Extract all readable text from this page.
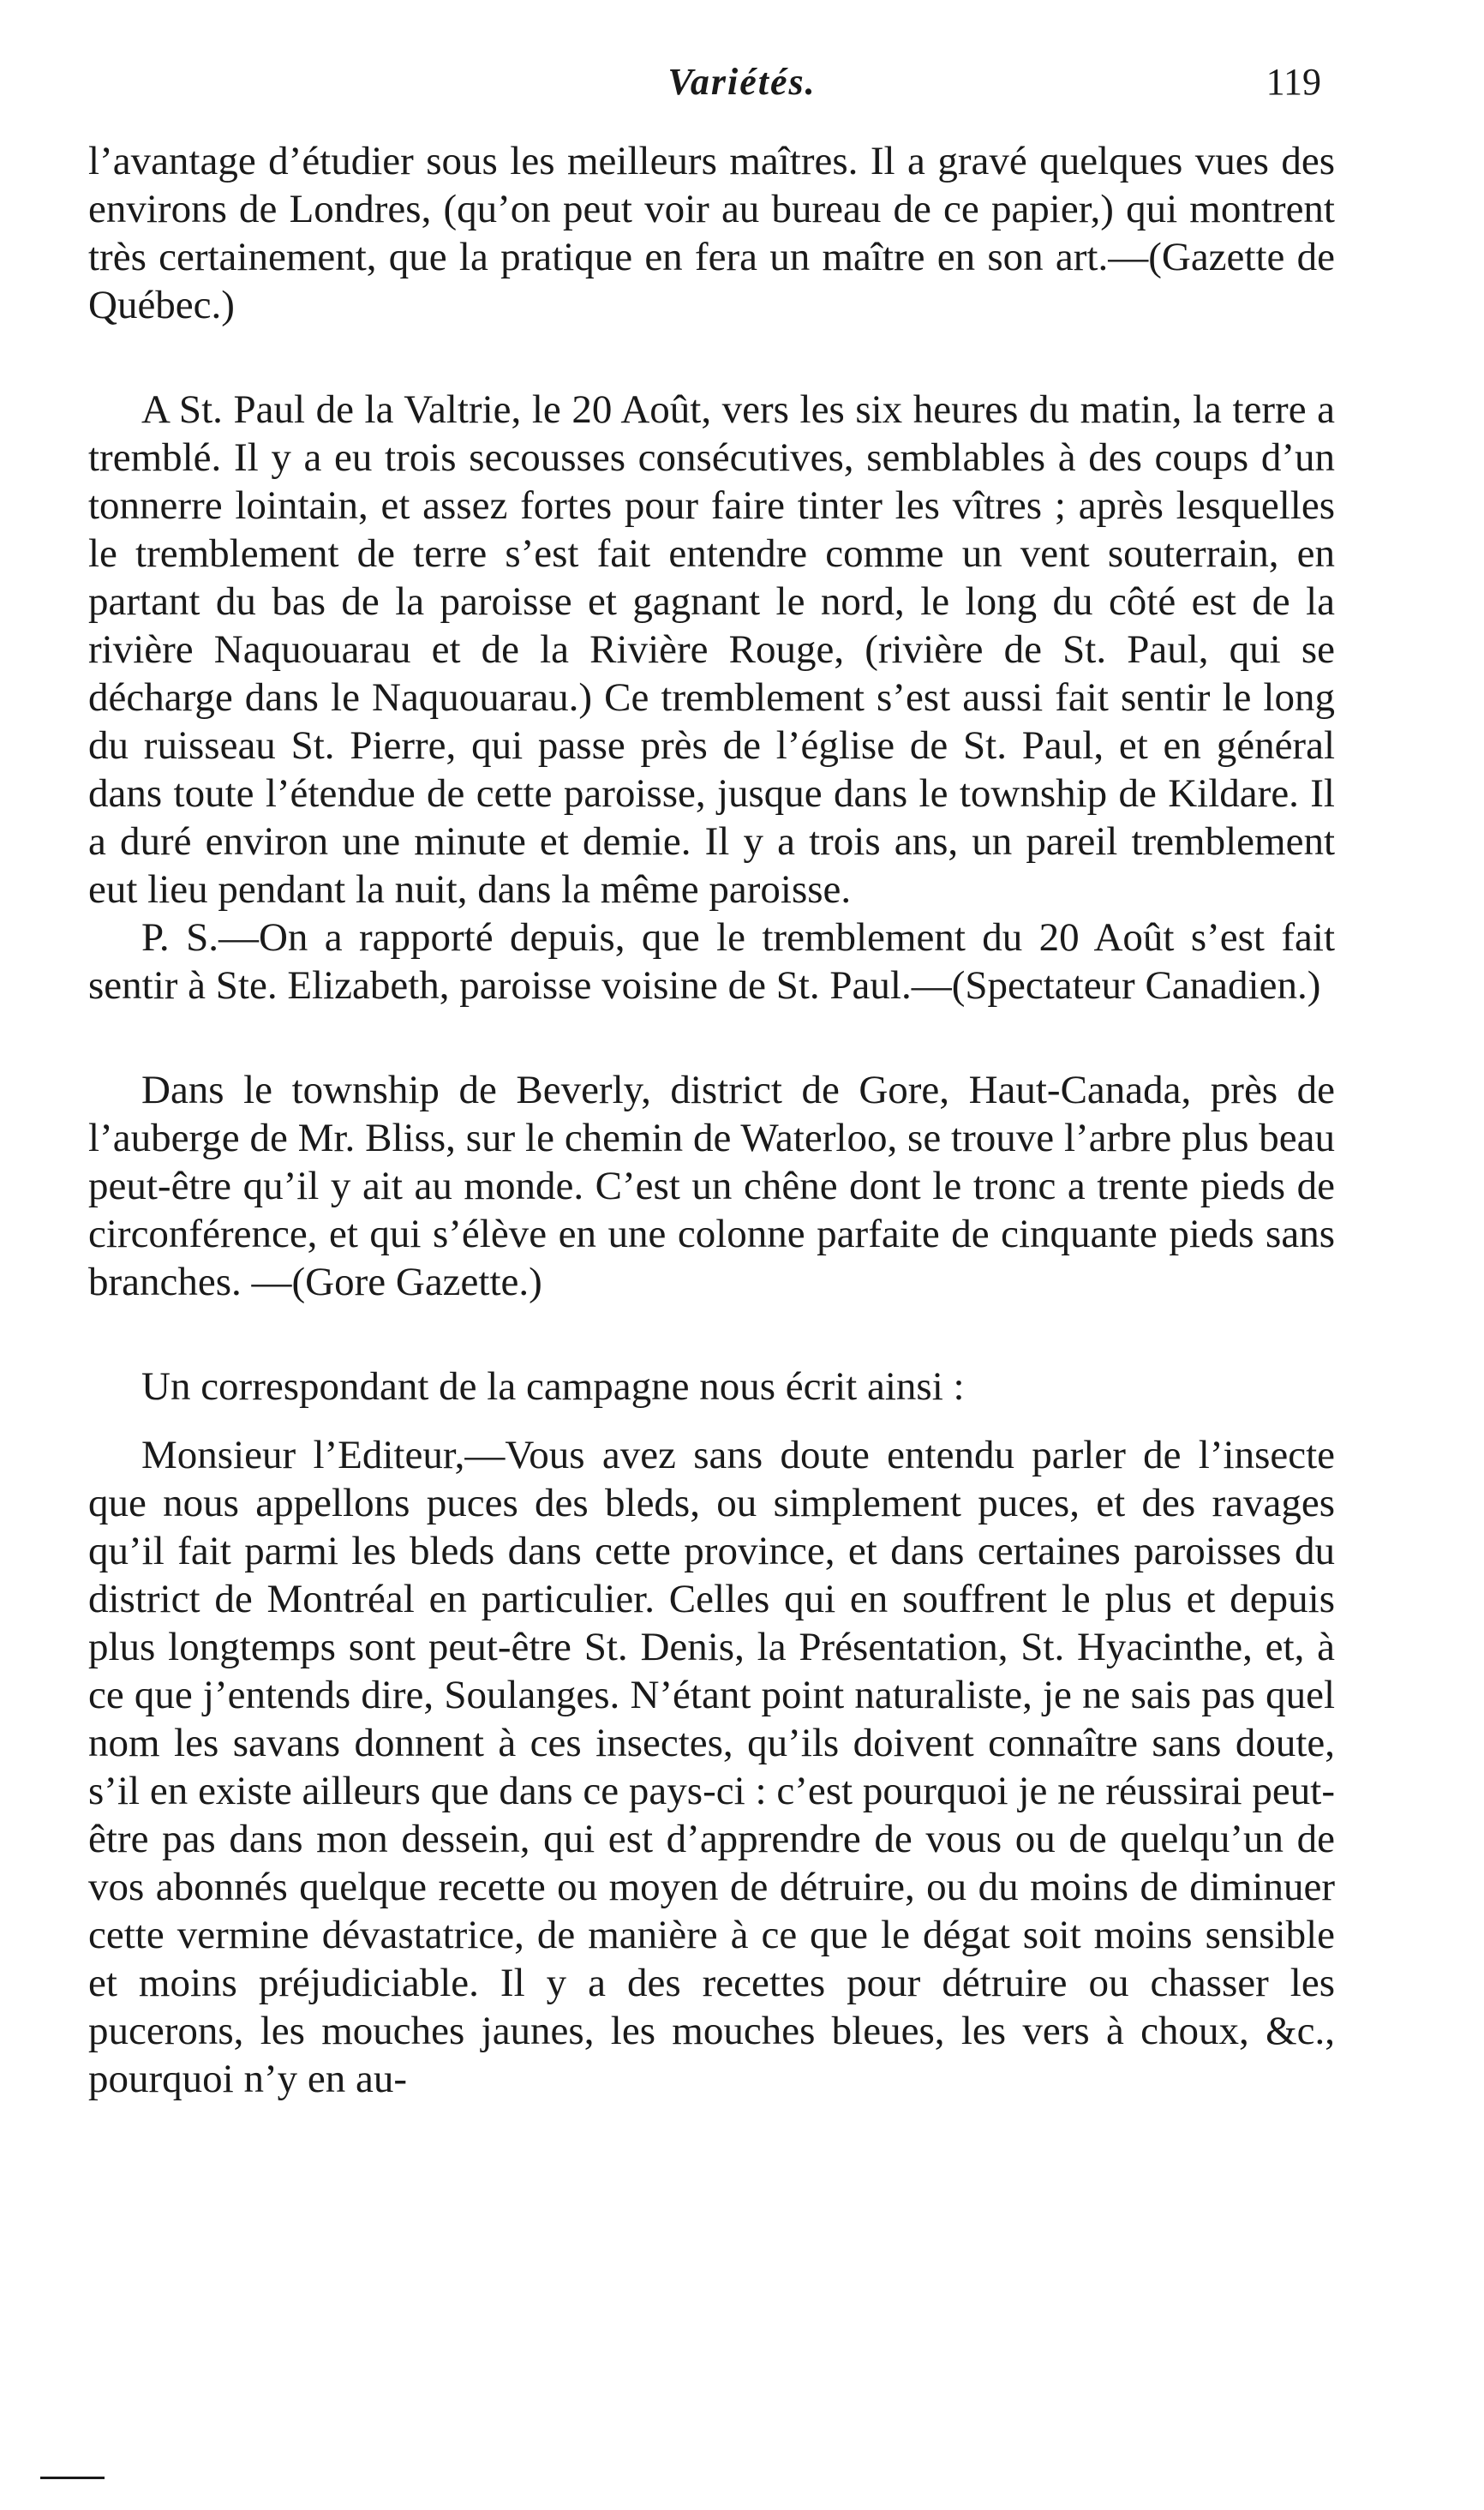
Variétés.	119

l’avantage d’étudier sous les meilleurs maîtres. Il a gravé quelques vues des environs de Londres, (qu’on peut voir au bureau de ce papier,) qui montrent très certainement, que la pratique en fera un maître en son art.—(Gazette de Québec.)

A St. Paul de la Valtrie, le 20 Août, vers les six heures du matin, la terre a tremblé. Il y a eu trois secousses consécutives, semblables à des coups d’un tonnerre lointain, et assez fortes pour faire tinter les vîtres ; après lesquelles le tremblement de terre s’est fait entendre comme un vent souterrain, en partant du bas de la paroisse et gagnant le nord, le long du côté est de la rivière Naquouarau et de la Rivière Rouge, (rivière de St. Paul, qui se décharge dans le Naquouarau.) Ce tremblement s’est aussi fait sentir le long du ruisseau St. Pierre, qui passe près de l’église de St. Paul, et en général dans toute l’étendue de cette paroisse, jusque dans le township de Kildare. Il a duré environ une minute et demie. Il y a trois ans, un pareil tremblement eut lieu pendant la nuit, dans la même paroisse.

P. S.—On a rapporté depuis, que le tremblement du 20 Août s’est fait sentir à Ste. Elizabeth, paroisse voisine de St. Paul.—(Spectateur Canadien.)

Dans le township de Beverly, district de Gore, Haut-Canada, près de l’auberge de Mr. Bliss, sur le chemin de Waterloo, se trouve l’arbre plus beau peut-être qu’il y ait au monde. C’est un chêne dont le tronc a trente pieds de circonférence, et qui s’élève en une colonne parfaite de cinquante pieds sans branches. —(Gore Gazette.)

Un correspondant de la campagne nous écrit ainsi :

Monsieur l’Editeur,—Vous avez sans doute entendu parler de l’insecte que nous appellons puces des bleds, ou simplement puces, et des ravages qu’il fait parmi les bleds dans cette province, et dans certaines paroisses du district de Montréal en particulier. Celles qui en souffrent le plus et depuis plus longtemps sont peut-être St. Denis, la Présentation, St. Hyacinthe, et, à ce que j’entends dire, Soulanges. N’étant point naturaliste, je ne sais pas quel nom les savans donnent à ces insectes, qu’ils doivent connaître sans doute, s’il en existe ailleurs que dans ce pays-ci : c’est pourquoi je ne réussirai peut-être pas dans mon dessein, qui est d’apprendre de vous ou de quelqu’un de vos abonnés quelque recette ou moyen de détruire, ou du moins de diminuer cette vermine dévastatrice, de manière à ce que le dégat soit moins sensible et moins préjudiciable. Il y a des recettes pour détruire ou chasser les pucerons, les mouches jaunes, les mouches bleues, les vers à choux, &c., pourquoi n’y en au-
